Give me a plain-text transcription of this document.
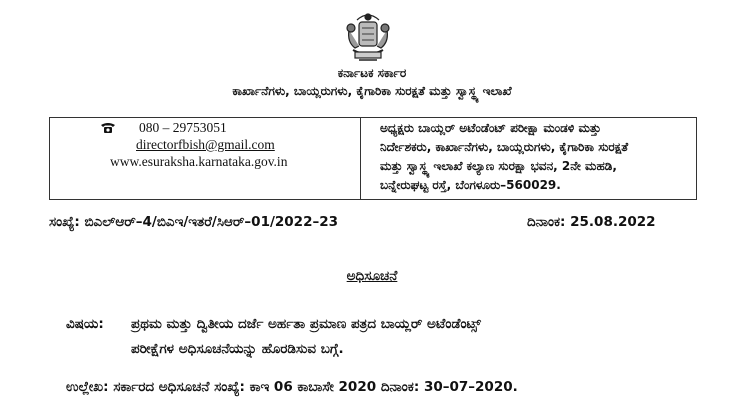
ಕರ್ನಾಟಕ ಸರ್ಕಾರ
ಕಾರ್ಖಾನೆಗಳು, ಬಾಯ್ಲರುಗಳು, ಕೈಗಾರಿಕಾ ಸುರಕ್ಷತೆ ಮತ್ತು ಸ್ವಾಸ್ಥ್ಯ ಇಲಾಖೆ
080 – 29753051
directorfbish@gmail.com
www.esuraksha.karnataka.gov.in
ಅಧ್ಯಕ್ಷರು ಬಾಯ್ಲರ್ ಅಟೆಂಡೆಂಟ್ ಪರೀಕ್ಷಾ ಮಂಡಳಿ ಮತ್ತು
ನಿರ್ದೇಶಕರು, ಕಾರ್ಖಾನೆಗಳು, ಬಾಯ್ಲರುಗಳು, ಕೈಗಾರಿಕಾ ಸುರಕ್ಷತೆ
ಮತ್ತು ಸ್ವಾಸ್ಥ್ಯ ಇಲಾಖೆ ಕಲ್ಯಾಣ ಸುರಕ್ಷಾ ಭವನ, 2ನೇ ಮಹಡಿ,
ಬನ್ನೇರುಘಟ್ಟ ರಸ್ತೆ, ಬೆಂಗಳೂರು–560029.
ಸಂಖ್ಯೆ: ಬಿಎಲ್‌ಆರ್–4/ಬಿಎಇ/ಇತರೆ/ಸಿಆರ್–01/2022–23	ದಿನಾಂಕ: 25.08.2022
ಅಧಿಸೂಚನೆ
ವಿಷಯ: ಪ್ರಥಮ ಮತ್ತು ದ್ವಿತೀಯ ದರ್ಜೆ ಅರ್ಹತಾ ಪ್ರಮಾಣ ಪತ್ರದ ಬಾಯ್ಲರ್ ಅಟೆಂಡೆಂಟ್ಸ್
ಪರೀಕ್ಷೆಗಳ ಅಧಿಸೂಚನೆಯನ್ನು ಹೊರಡಿಸುವ ಬಗ್ಗೆ.
ಉಲ್ಲೇಖ: ಸರ್ಕಾರದ ಅಧಿಸೂಚನೆ ಸಂಖ್ಯೆ: ಕಾಇ 06 ಕಾಬಾಸೇ 2020 ದಿನಾಂಕ: 30–07–2020.
